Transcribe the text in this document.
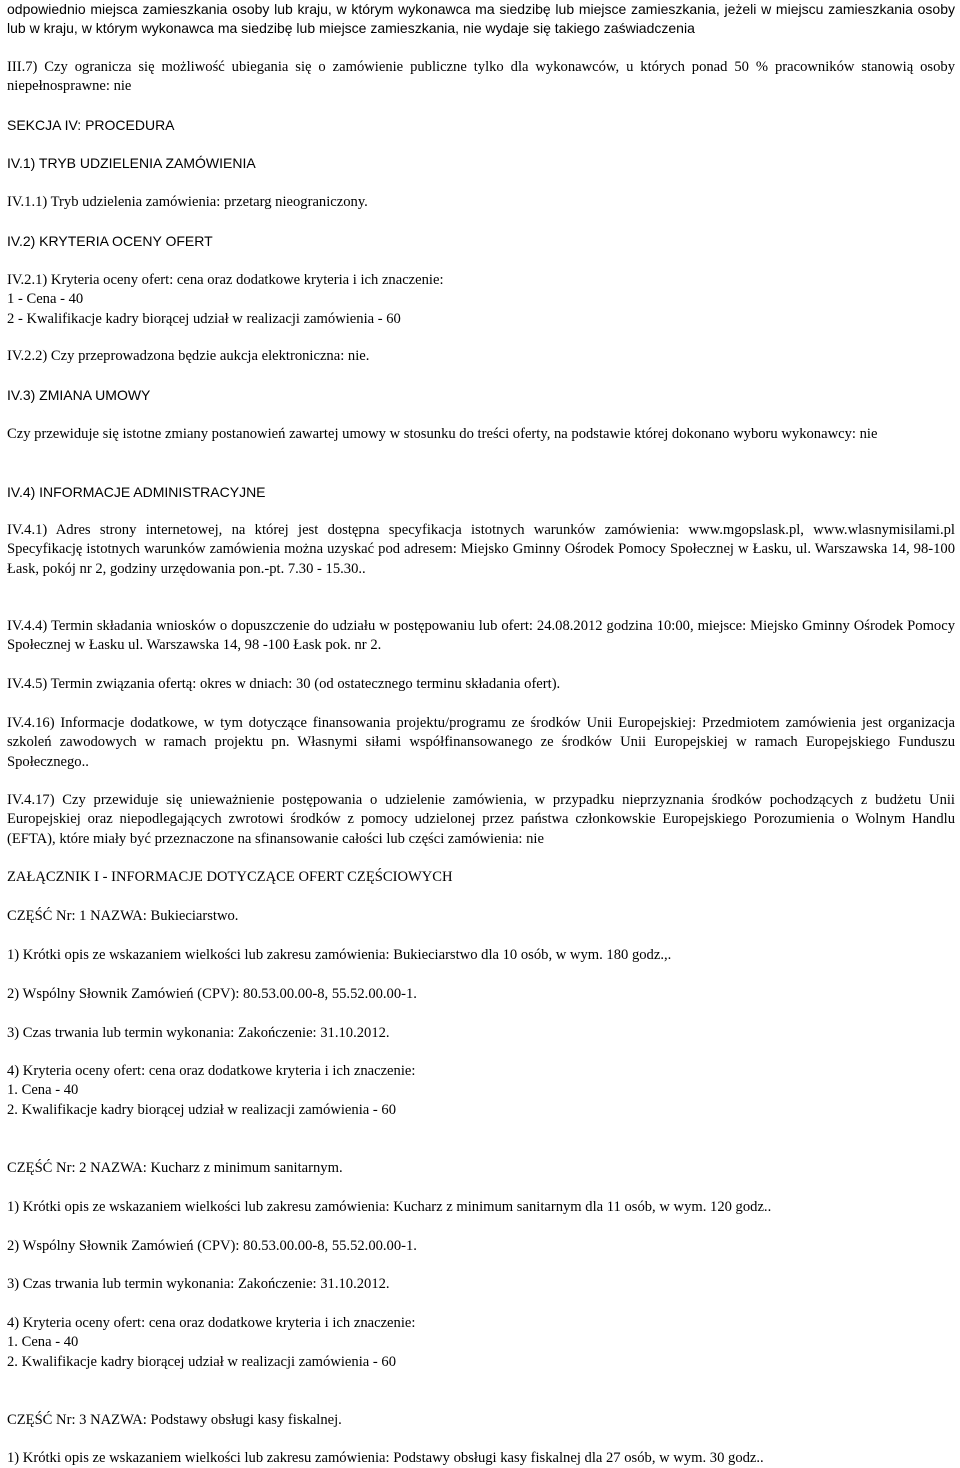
odpowiednio miejsca zamieszkania osoby lub kraju, w którym wykonawca ma siedzibę lub miejsce zamieszkania, jeżeli w miejscu zamieszkania osoby lub w kraju, w którym wykonawca ma siedzibę lub miejsce zamieszkania, nie wydaje się takiego zaświadczenia
III.7) Czy ogranicza się możliwość ubiegania się o zamówienie publiczne tylko dla wykonawców, u których ponad 50 % pracowników stanowią osoby niepełnosprawne: nie
SEKCJA IV: PROCEDURA
IV.1) TRYB UDZIELENIA ZAMÓWIENIA
IV.1.1) Tryb udzielenia zamówienia: przetarg nieograniczony.
IV.2) KRYTERIA OCENY OFERT
IV.2.1) Kryteria oceny ofert: cena oraz dodatkowe kryteria i ich znaczenie:
1 - Cena - 40
2 - Kwalifikacje kadry biorącej udział w realizacji zamówienia - 60
IV.2.2) Czy przeprowadzona będzie aukcja elektroniczna: nie.
IV.3) ZMIANA UMOWY
Czy przewiduje się istotne zmiany postanowień zawartej umowy w stosunku do treści oferty, na podstawie której dokonano wyboru wykonawcy: nie
IV.4) INFORMACJE ADMINISTRACYJNE
IV.4.1) Adres strony internetowej, na której jest dostępna specyfikacja istotnych warunków zamówienia: www.mgopslask.pl, www.wlasnymisilami.pl Specyfikację istotnych warunków zamówienia można uzyskać pod adresem: Miejsko Gminny Ośrodek Pomocy Społecznej w Łasku, ul. Warszawska 14, 98-100 Łask, pokój nr 2, godziny urzędowania pon.-pt. 7.30 - 15.30..
IV.4.4) Termin składania wniosków o dopuszczenie do udziału w postępowaniu lub ofert: 24.08.2012 godzina 10:00, miejsce: Miejsko Gminny Ośrodek Pomocy Społecznej w Łasku ul. Warszawska 14, 98 -100 Łask pok. nr 2.
IV.4.5) Termin związania ofertą: okres w dniach: 30 (od ostatecznego terminu składania ofert).
IV.4.16) Informacje dodatkowe, w tym dotyczące finansowania projektu/programu ze środków Unii Europejskiej: Przedmiotem zamówienia jest organizacja szkoleń zawodowych w ramach projektu pn. Własnymi siłami współfinansowanego ze środków Unii Europejskiej w ramach Europejskiego Funduszu Społecznego..
IV.4.17) Czy przewiduje się unieważnienie postępowania o udzielenie zamówienia, w przypadku nieprzyznania środków pochodzących z budżetu Unii Europejskiej oraz niepodlegających zwrotowi środków z pomocy udzielonej przez państwa członkowskie Europejskiego Porozumienia o Wolnym Handlu (EFTA), które miały być przeznaczone na sfinansowanie całości lub części zamówienia: nie
ZAŁĄCZNIK I - INFORMACJE DOTYCZĄCE OFERT CZĘŚCIOWYCH
CZĘŚĆ Nr: 1 NAZWA: Bukieciarstwo.
1) Krótki opis ze wskazaniem wielkości lub zakresu zamówienia: Bukieciarstwo dla 10 osób, w wym. 180 godz.,.
2) Wspólny Słownik Zamówień (CPV): 80.53.00.00-8, 55.52.00.00-1.
3) Czas trwania lub termin wykonania: Zakończenie: 31.10.2012.
4) Kryteria oceny ofert: cena oraz dodatkowe kryteria i ich znaczenie:
1. Cena - 40
2. Kwalifikacje kadry biorącej udział w realizacji zamówienia - 60
CZĘŚĆ Nr: 2 NAZWA: Kucharz z minimum sanitarnym.
1) Krótki opis ze wskazaniem wielkości lub zakresu zamówienia: Kucharz z minimum sanitarnym dla 11 osób, w wym. 120 godz..
2) Wspólny Słownik Zamówień (CPV): 80.53.00.00-8, 55.52.00.00-1.
3) Czas trwania lub termin wykonania: Zakończenie: 31.10.2012.
4) Kryteria oceny ofert: cena oraz dodatkowe kryteria i ich znaczenie:
1. Cena - 40
2. Kwalifikacje kadry biorącej udział w realizacji zamówienia - 60
CZĘŚĆ Nr: 3 NAZWA: Podstawy obsługi kasy fiskalnej.
1) Krótki opis ze wskazaniem wielkości lub zakresu zamówienia: Podstawy obsługi kasy fiskalnej dla 27 osób, w wym. 30 godz..
